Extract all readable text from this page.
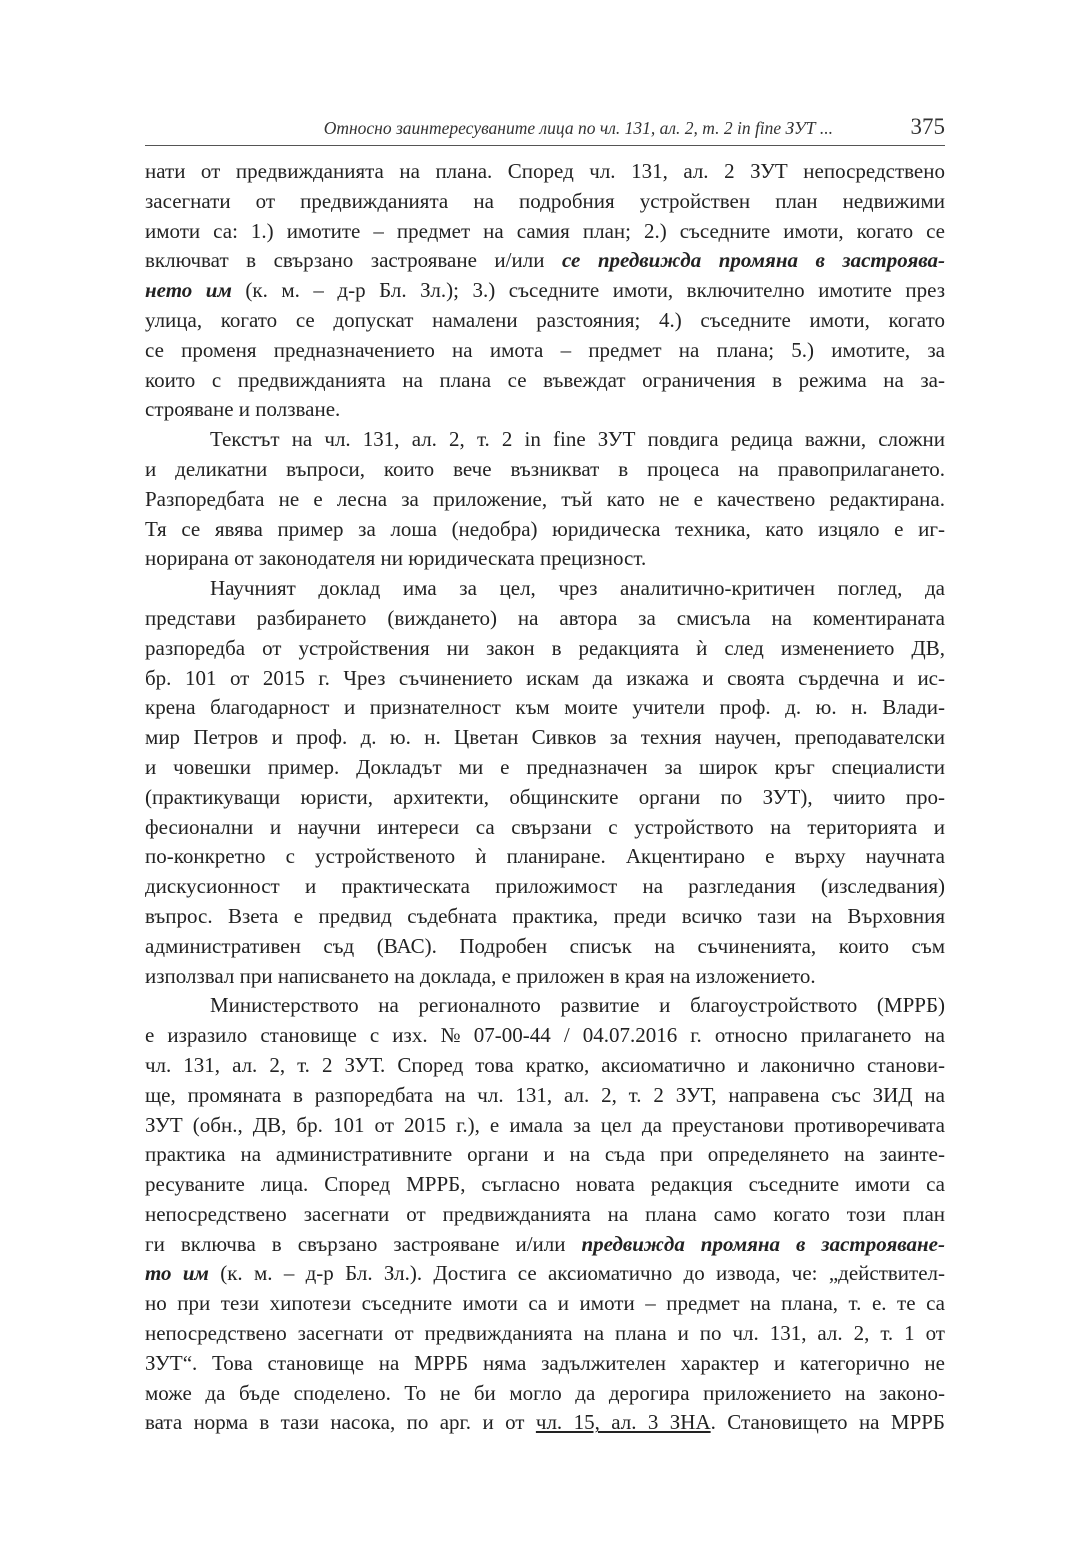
Относно заинтересуваните лица по чл. 131, ал. 2, т. 2 in fine ЗУТ ...	375
нати от предвижданията на плана. Според чл. 131, ал. 2 ЗУТ непосредствено
засегнати от предвижданията на подробния устройствен план недвижими
имоти са: 1.) имотите – предмет на самия план; 2.) съседните имоти, когато се
включват в свързано застрояване и/или се предвижда промяна в застроява-
нето им (к. м. – д-р Бл. Зл.); 3.) съседните имоти, включително имотите през
улица, когато се допускат намалени разстояния; 4.) съседните имоти, когато
се променя предназначението на имота – предмет на плана; 5.) имотите, за
които с предвижданията на плана се въвеждат ограничения в режима на за-
строяване и ползване.
Текстът на чл. 131, ал. 2, т. 2 in fine ЗУТ повдига редица важни, сложни
и деликатни въпроси, които вече възникват в процеса на правоприлагането.
Разпоредбата не е лесна за приложение, тъй като не е качествено редактирана.
Тя се явява пример за лоша (недобра) юридическа техника, като изцяло е иг-
норирана от законодателя ни юридическата прецизност.
Научният доклад има за цел, чрез аналитично-критичен поглед, да
представи разбирането (виждането) на автора за смисъла на коментираната
разпоредба от устройствения ни закон в редакцията ѝ след изменението ДВ,
бр. 101 от 2015 г. Чрез съчинението искам да изкажа и своята сърдечна и ис-
крена благодарност и признателност към моите учители проф. д. ю. н. Влади-
мир Петров и проф. д. ю. н. Цветан Сивков за техния научен, преподавателски
и човешки пример. Докладът ми е предназначен за широк кръг специалисти
(практикуващи юристи, архитекти, общинските органи по ЗУТ), чиито про-
фесионални и научни интереси са свързани с устройството на територията и
по-конкретно с устройственото ѝ планиране. Акцентирано е върху научната
дискусионност и практическата приложимост на разгледания (изследвания)
въпрос. Взета е предвид съдебната практика, преди всичко тази на Върховния
административен съд (ВАС). Подробен списък на съчиненията, които съм
използвал при написването на доклада, е приложен в края на изложението.
Министерството на регионалното развитие и благоустройството (МРРБ)
е изразило становище с изх. № 07-00-44 / 04.07.2016 г. относно прилагането на
чл. 131, ал. 2, т. 2 ЗУТ. Според това кратко, аксиоматично и лаконично станови-
ще, промяната в разпоредбата на чл. 131, ал. 2, т. 2 ЗУТ, направена със ЗИД на
ЗУТ (обн., ДВ, бр. 101 от 2015 г.), е имала за цел да преустанови противоречивата
практика на административните органи и на съда при определянето на заинте-
ресуваните лица. Според МРРБ, съгласно новата редакция съседните имоти са
непосредствено засегнати от предвижданията на плана само когато този план
ги включва в свързано застрояване и/или предвижда промяна в застрояване-
то им (к. м. – д-р Бл. Зл.). Достига се аксиоматично до извода, че: „действител-
но при тези хипотези съседните имоти са и имоти – предмет на плана, т. е. те са
непосредствено засегнати от предвижданията на плана и по чл. 131, ал. 2, т. 1 от
ЗУТ“. Това становище на МРРБ няма задължителен характер и категорично не
може да бъде споделено. То не би могло да дерогира приложението на законо-
вата норма в тази насока, по арг. и от чл. 15, ал. 3 ЗНА. Становището на МРРБ
